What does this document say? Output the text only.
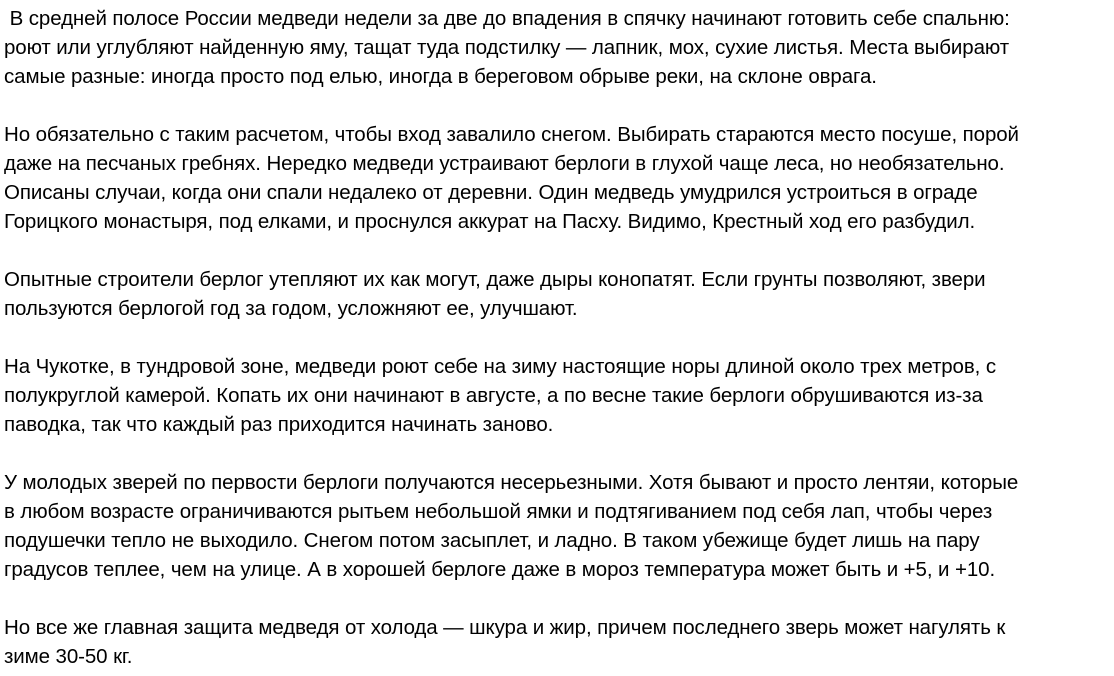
В средней полосе России медведи недели за две до впадения в спячку начинают готовить себе спальню:
роют или углубляют найденную яму, тащат туда подстилку — лапник, мох, сухие листья. Места выбирают
самые разные: иногда просто под елью, иногда в береговом обрыве реки, на склоне оврага.
Но обязательно с таким расчетом, чтобы вход завалило снегом. Выбирать стараются место посуше, порой
даже на песчаных гребнях. Нередко медведи устраивают берлоги в глухой чаще леса, но необязательно.
Описаны случаи, когда они спали недалеко от деревни. Один медведь умудрился устроиться в ограде
Горицкого монастыря, под елками, и проснулся аккурат на Пасху. Видимо, Крестный ход его разбудил.
Опытные строители берлог утепляют их как могут, даже дыры конопатят. Если грунты позволяют, звери
пользуются берлогой год за годом, усложняют ее, улучшают.
На Чукотке, в тундровой зоне, медведи роют себе на зиму настоящие норы длиной около трех метров, с
полукруглой камерой. Копать их они начинают в августе, а по весне такие берлоги обрушиваются из-за
паводка, так что каждый раз приходится начинать заново.
У молодых зверей по первости берлоги получаются несерьезными. Хотя бывают и просто лентяи, которые
в любом возрасте ограничиваются рытьем небольшой ямки и подтягиванием под себя лап, чтобы через
подушечки тепло не выходило. Снегом потом засыплет, и ладно. В таком убежище будет лишь на пару
градусов теплее, чем на улице. А в хорошей берлоге даже в мороз температура может быть и +5, и +10.
Но все же главная защита медведя от холода — шкура и жир, причем последнего зверь может нагулять к
зиме 30-50 кг.
